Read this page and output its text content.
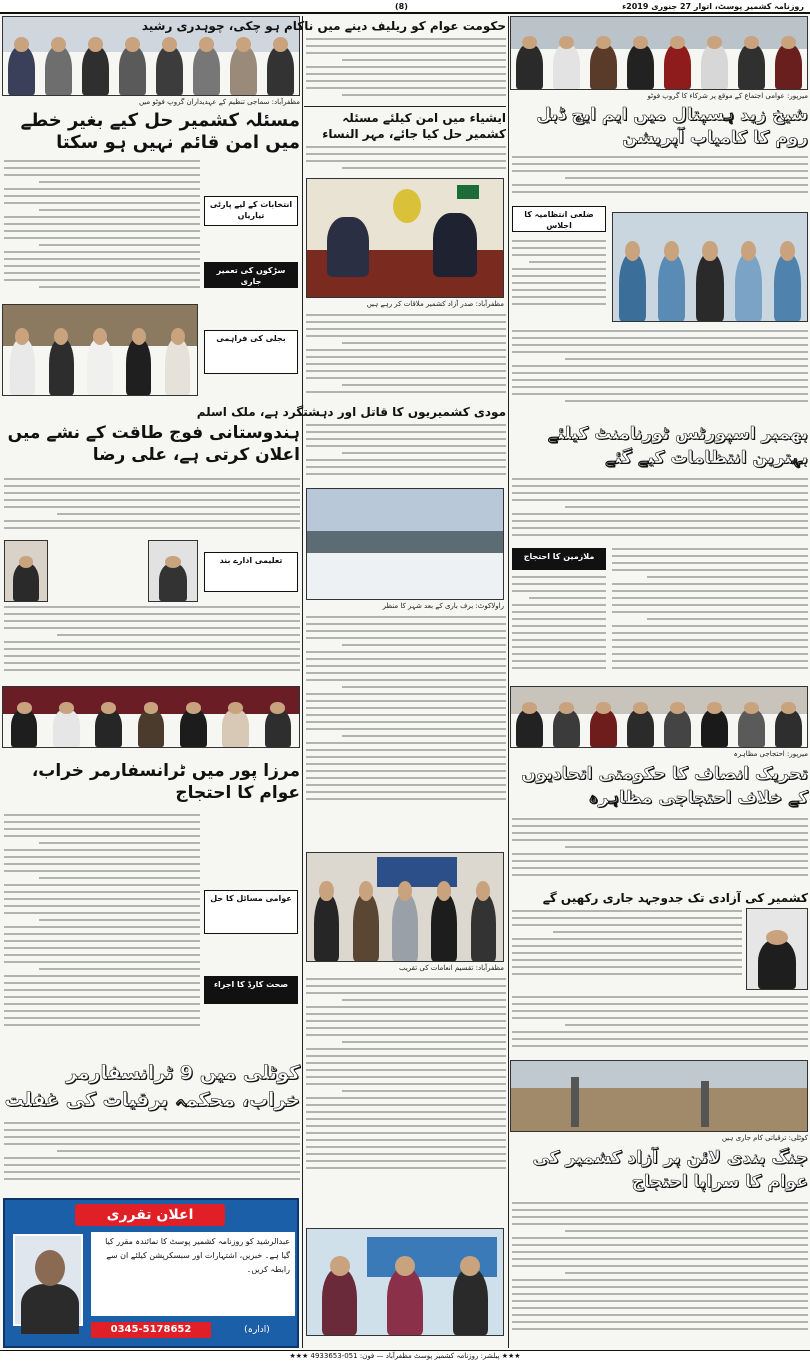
(8)	روزنامہ کشمیر پوسٹ، اتوار 27 جنوری 2019ء
مظفرآباد: سماجی تنظیم کے عہدیداران گروپ فوٹو میں
مسئلہ کشمیر حل کیے بغیر خطے میں امن قائم نہیں ہو سکتا
انتخابات کے لیے پارٹی تیاریاں
سڑکوں کی تعمیر جاری
بجلی کی فراہمی
ہندوستانی فوج طاقت کے نشے میں اعلان کرتی ہے، علی رضا
تعلیمی ادارے بند
مرزا پور میں ٹرانسفارمر خراب، عوام کا احتجاج
عوامی مسائل کا حل
صحت کارڈ کا اجراء
کوٹلی میں 9 ٹرانسفارمر خراب، محکمہ برقیات کی غفلت
اعلان تقرری
عبدالرشید کو روزنامہ کشمیر پوسٹ کا نمائندہ مقرر کیا گیا ہے۔ خبریں، اشتہارات اور سبسکرپشن کیلئے ان سے رابطہ کریں۔
0345-5178652	(ادارہ)
حکومت عوام کو ریلیف دینے میں ناکام ہو چکی، چوہدری رشید
ایشیاء میں امن کیلئے مسئلہ کشمیر حل کیا جائے، مہر النساء
مظفرآباد: صدر آزاد کشمیر ملاقات کر رہے ہیں
مودی کشمیریوں کا قاتل اور دہشتگرد ہے، ملک اسلم
راولاکوٹ: برف باری کے بعد شہر کا منظر
مظفرآباد: تقسیم انعامات کی تقریب
میرپور: عوامی اجتماع کے موقع پر شرکاء کا گروپ فوٹو
شیخ زید ہسپتال میں ایم ایچ ڈبل روم کا کامیاب آپریشن
ضلعی انتظامیہ کا اجلاس
بھمبر اسپورٹس ٹورنامنٹ کیلئے بہترین انتظامات کیے گئے
ملازمین کا احتجاج
میرپور: احتجاجی مظاہرہ
تحریک انصاف کا حکومتی اتحادیوں کے خلاف احتجاجی مظاہرہ
کشمیر کی آزادی تک جدوجہد جاری رکھیں گے
کوٹلی: ترقیاتی کام جاری ہیں
جنگ بندی لائن پر آزاد کشمیر کی عوام کا سراپا احتجاج
★★★ پبلشر: روزنامہ کشمیر پوسٹ مظفرآباد — فون: 051-4933653 ★★★
